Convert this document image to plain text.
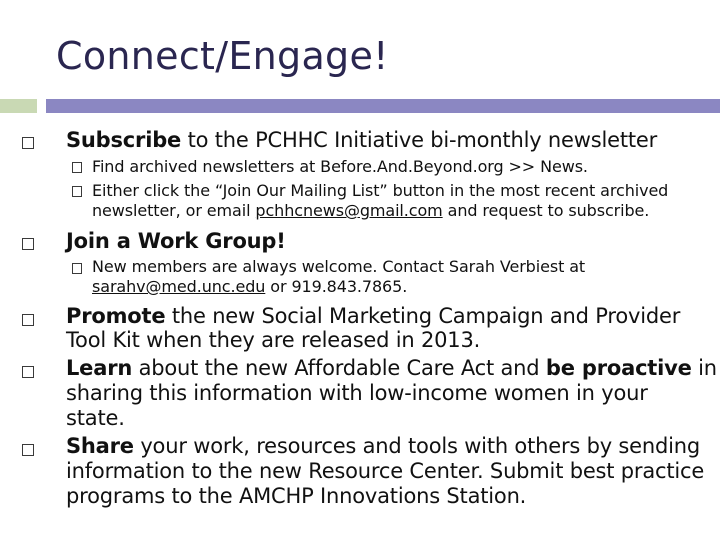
Connect/Engage!
Subscribe to the PCHHC Initiative bi-monthly newsletter
Find archived newsletters at Before.And.Beyond.org >> News.
Either click the “Join Our Mailing List” button in the most recent archived
newsletter, or email pchhcnews@gmail.com and request to subscribe.
Join a Work Group!
New members are always welcome. Contact Sarah Verbiest at
sarahv@med.unc.edu or 919.843.7865.
Promote the new Social Marketing Campaign and Provider
Tool Kit when they are released in 2013.
Learn about the new Affordable Care Act and be proactive in
sharing this information with low-income women in your
state.
Share your work, resources and tools with others by sending
information to the new Resource Center. Submit best practice
programs to the AMCHP Innovations Station.
